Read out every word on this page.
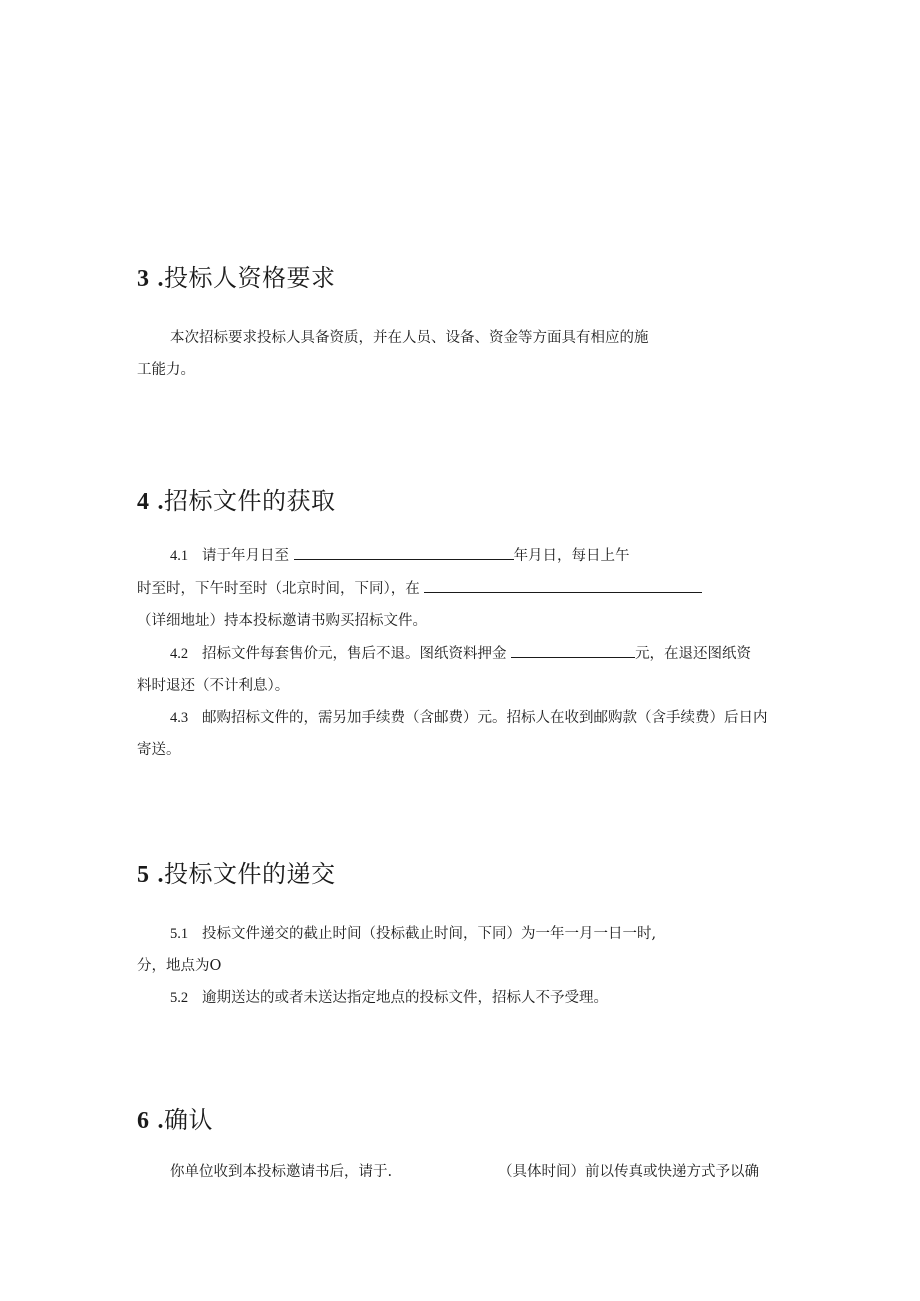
3 .投标人资格要求
本次招标要求投标人具备资质，并在人员、设备、资金等方面具有相应的施
工能力。
4 .招标文件的获取
4.1 请于年月日至	年月日，每日上午
时至时，下午时至时（北京时间，下同），在
（详细地址）持本投标邀请书购买招标文件。
4.2 招标文件每套售价元，售后不退。图纸资料押金	元，在退还图纸资
料时退还（不计利息）。
4.3 邮购招标文件的，需另加手续费（含邮费）元。招标人在收到邮购款（含手续费）后日内
寄送。
5 .投标文件的递交
5.1 投标文件递交的截止时间（投标截止时间，下同）为一年一月一日一时,
分，地点为O
5.2 逾期送达的或者未送达指定地点的投标文件，招标人不予受理。
6 .确认
你单位收到本投标邀请书后，请于.	（具体时间）前以传真或快递方式予以确
